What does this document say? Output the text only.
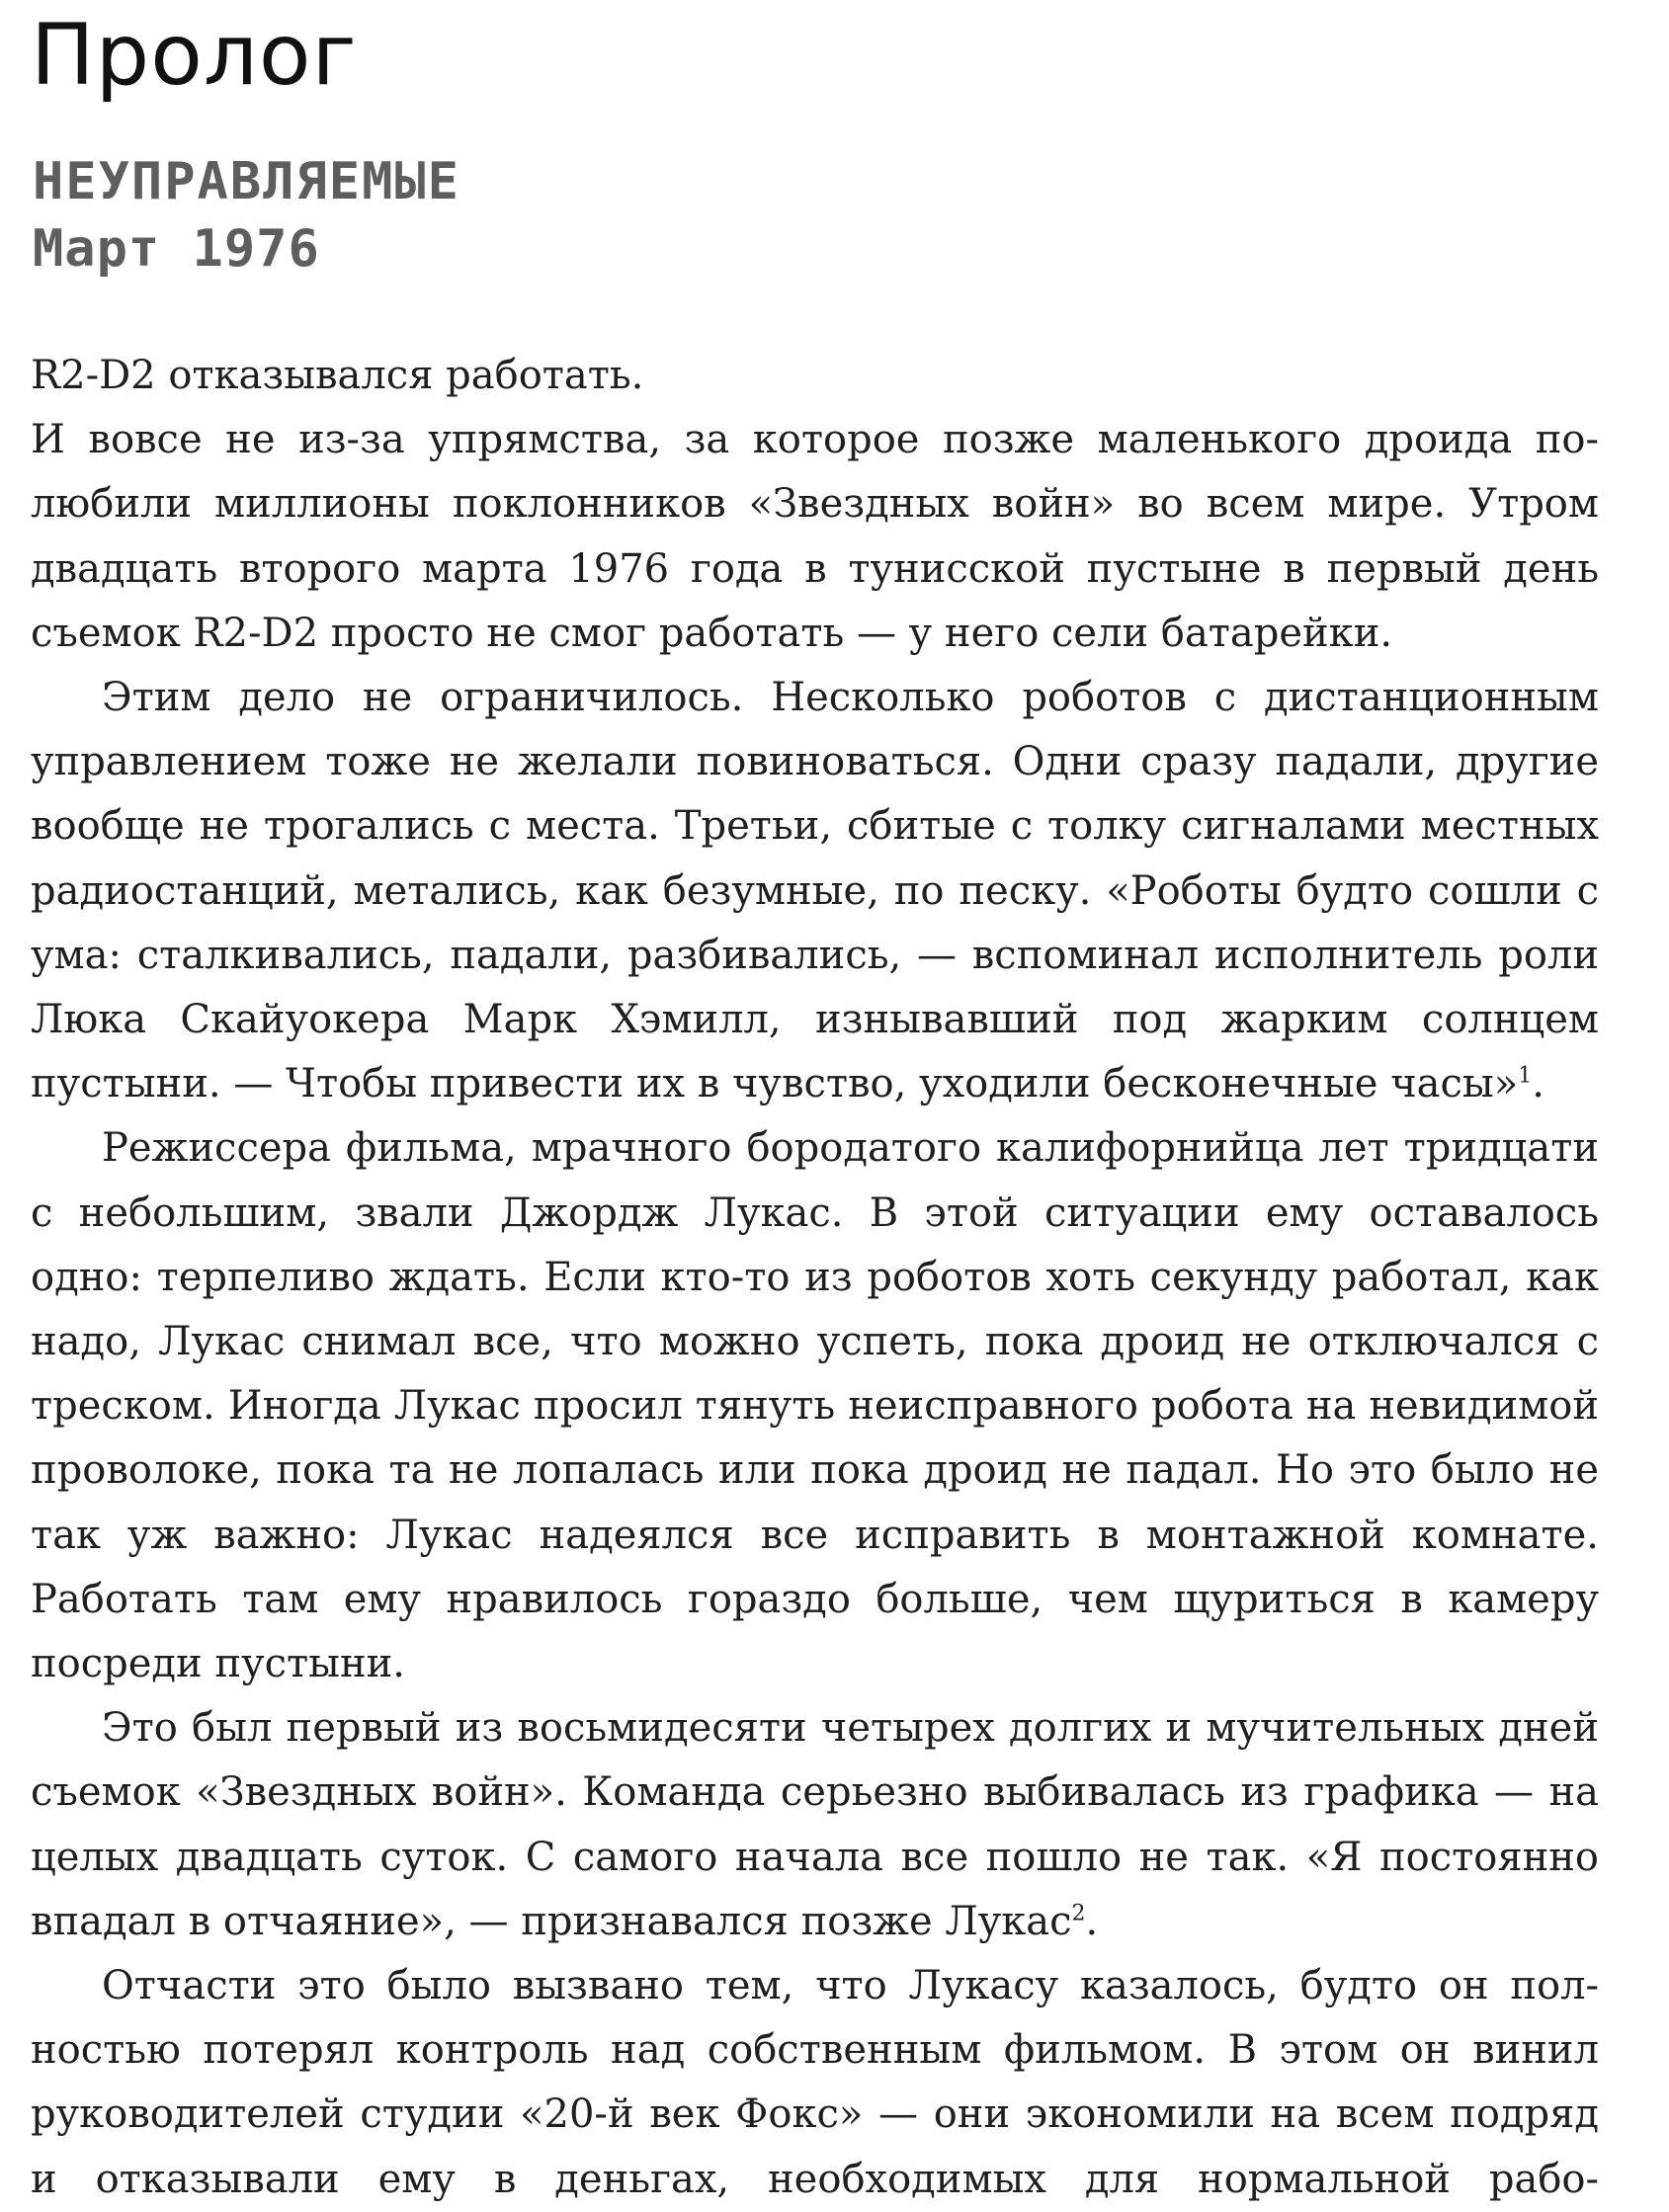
Пролог
НЕУПРАВЛЯЕМЫЕ
Март 1976

R2-D2 отказывался работать.

И вовсе не из-за упрямства, за которое позже маленького дроида полюбили миллионы поклонников «Звездных войн» во всем мире. Утром двадцать второго марта 1976 года в тунисской пустыне в первый день съемок R2-D2 просто не смог работать — у него сели батарейки.

Этим дело не ограничилось. Несколько роботов с дистанционным управлением тоже не желали повиноваться. Одни сразу падали, другие вообще не трогались с места. Третьи, сбитые с толку сигналами местных радиостанций, метались, как безумные, по песку. «Роботы будто сошли с ума: сталкивались, падали, разбивались, — вспоминал исполнитель роли Люка Скайуокера Марк Хэмилл, изнывавший под жарким солнцем пустыни. — Чтобы привести их в чувство, уходили бесконечные часы»$^1$.

Режиссера фильма, мрачного бородатого калифорнийца лет тридцати с небольшим, звали Джордж Лукас. В этой ситуации ему оставалось одно: терпеливо ждать. Если кто-то из роботов хоть секунду работал, как надо, Лукас снимал все, что можно успеть, пока дроид не отключался с треском. Иногда Лукас просил тянуть неисправного робота на невидимой проволоке, пока та не лопалась или пока дроид не падал. Но это было не так уж важно: Лукас надеялся все исправить в монтажной комнате. Работать там ему нравилось гораздо больше, чем щуриться в камеру посреди пустыни.

Это был первый из восьмидесяти четырех долгих и мучительных дней съемок «Звездных войн». Команда серьезно выбивалась из графика — на целых двадцать суток. С самого начала все пошло не так. «Я постоянно впадал в отчаяние», — признавался позже Лукас$^2$.

Отчасти это было вызвано тем, что Лукасу казалось, будто он полностью потерял контроль над собственным фильмом. В этом он винил руководителей студии «20-й век Фокс» — они экономили на всем подряд и отказывали ему в деньгах, необходимых для нормальной рабо-
